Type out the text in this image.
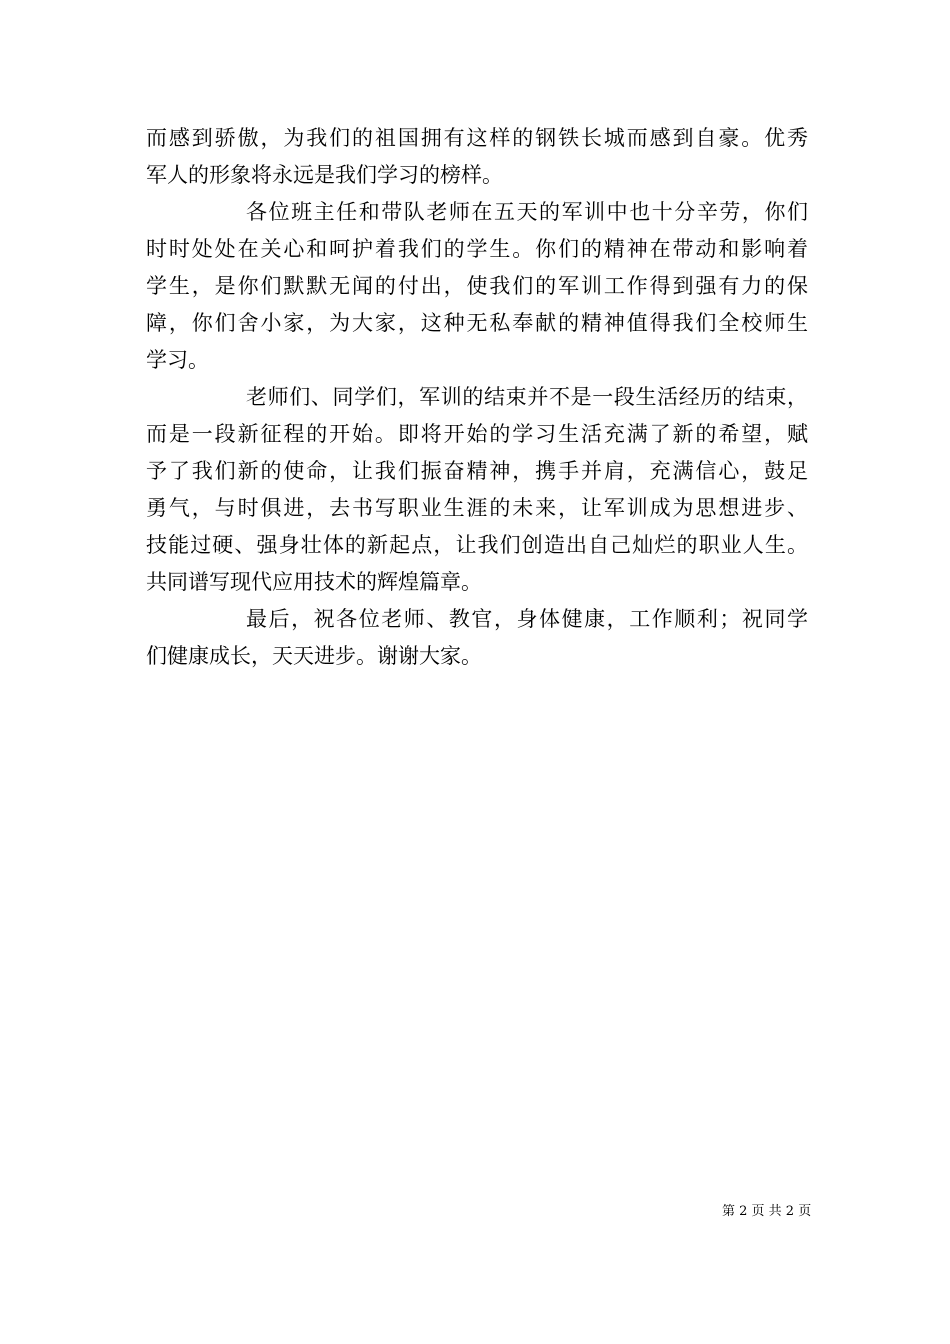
而感到骄傲，为我们的祖国拥有这样的钢铁长城而感到自豪。优秀
军人的形象将永远是我们学习的榜样。
各位班主任和带队老师在五天的军训中也十分辛劳，你们
时时处处在关心和呵护着我们的学生。你们的精神在带动和影响着
学生，是你们默默无闻的付出，使我们的军训工作得到强有力的保
障，你们舍小家，为大家，这种无私奉献的精神值得我们全校师生
学习。
老师们、同学们，军训的结束并不是一段生活经历的结束，
而是一段新征程的开始。即将开始的学习生活充满了新的希望，赋
予了我们新的使命，让我们振奋精神，携手并肩，充满信心，鼓足
勇气，与时俱进，去书写职业生涯的未来，让军训成为思想进步、
技能过硬、强身壮体的新起点，让我们创造出自己灿烂的职业人生。
共同谱写现代应用技术的辉煌篇章。
最后，祝各位老师、教官，身体健康，工作顺利；祝同学
们健康成长，天天进步。谢谢大家。
第 2 页 共 2 页
